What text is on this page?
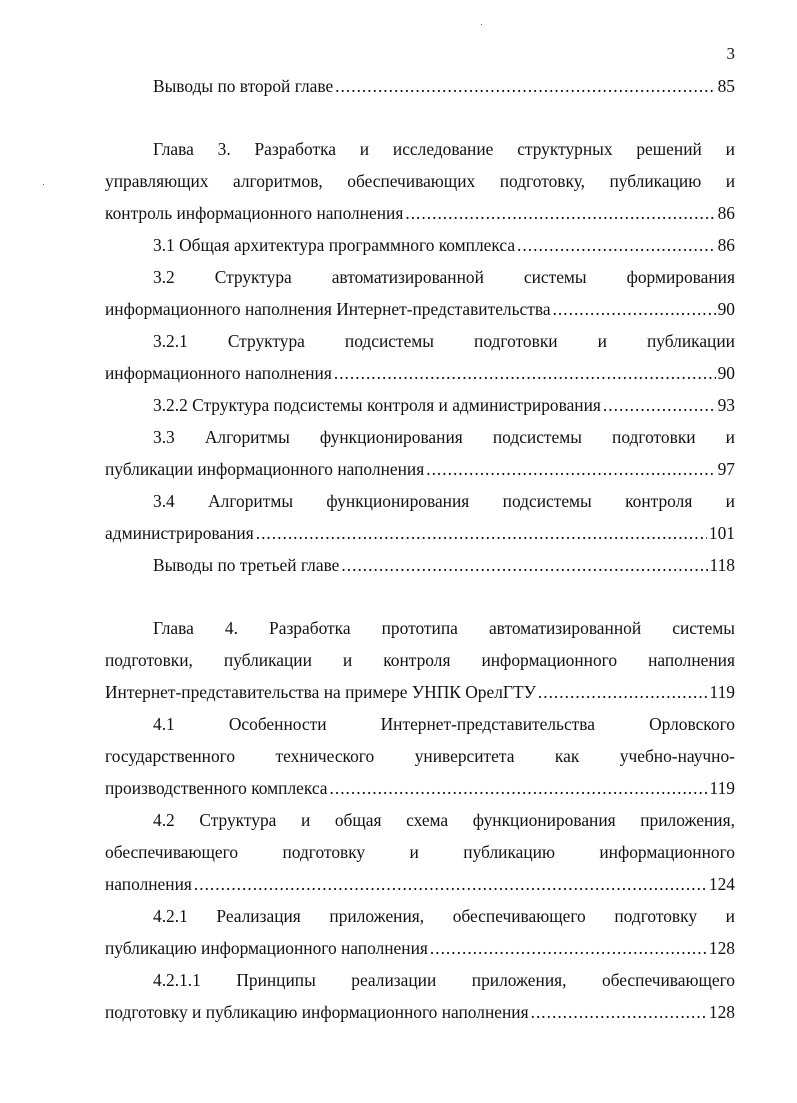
3
Выводы по второй главе .....	85
Глава 3. Разработка и исследование структурных решений и
управляющих алгоритмов, обеспечивающих подготовку, публикацию и
контроль информационного наполнения .....	86
3.1 Общая архитектура программного комплекса .....	86
3.2 Структура автоматизированной системы формирования
информационного наполнения Интернет-представительства .....	90
3.2.1 Структура подсистемы подготовки и публикации
информационного наполнения .....	90
3.2.2 Структура подсистемы контроля и администрирования .....	93
3.3 Алгоритмы функционирования подсистемы подготовки и
публикации информационного наполнения .....	97
3.4 Алгоритмы функционирования подсистемы контроля и
администрирования .....	101
Выводы по третьей главе .....	118
Глава 4. Разработка прототипа автоматизированной системы
подготовки, публикации и контроля информационного наполнения
Интернет-представительства на примере УНПК ОрелГТУ .....	119
4.1	Особенности	Интернет-представительства	Орловского
государственного технического университета как учебно-научно-
производственного комплекса .....	119
4.2 Структура и общая схема функционирования приложения,
обеспечивающего	подготовку	и	публикацию	информационного
наполнения .....	124
4.2.1 Реализация приложения, обеспечивающего подготовку и
публикацию информационного наполнения .....	128
4.2.1.1 Принципы реализации приложения, обеспечивающего
подготовку и публикацию информационного наполнения .....	128
